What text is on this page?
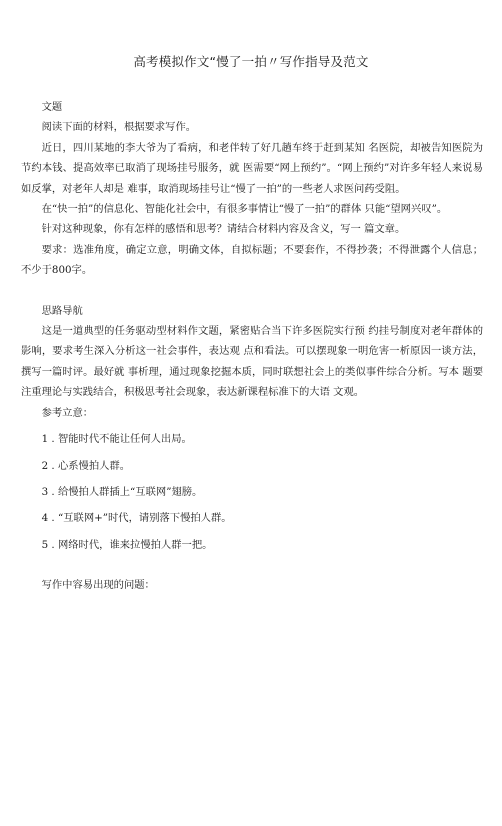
高考模拟作文“慢了一拍〃写作指导及范文

文题

阅读下面的材料，根据要求写作。

近日，四川某地的李大爷为了看病，和老伴转了好几趟车终于赶到某知 名医院，却被告知医院为节约本钱、提高效率已取消了现场挂号服务，就 医需要“网上预约”。“网上预约”对许多年轻人来说易如反掌，对老年人却是 难事，取消现场挂号让“慢了一拍”的一些老人求医问药受阻。

在“快一拍”的信息化、智能化社会中，有很多事情让“慢了一拍”的群体 只能“望网兴叹”。

针对这种现象，你有怎样的感悟和思考？请结合材料内容及含义，写一 篇文章。

要求：选准角度，确定立意，明确文体，自拟标题；不要套作，不得抄袭；不得泄露个人信息；不少于800字。

思路导航

这是一道典型的任务驱动型材料作文题，紧密贴合当下许多医院实行预 约挂号制度对老年群体的影响，要求考生深入分析这一社会事件，表达观 点和看法。可以摆现象一明危害一析原因一谈方法，撰写一篇时评。最好就 事析理，通过现象挖掘本质，同时联想社会上的类似事件综合分析。写本 题要注重理论与实践结合，积极思考社会现象，表达新课程标准下的大语 文观。

参考立意：

1 . 智能时代不能让任何人出局。

2 . 心系慢拍人群。

3 . 给慢拍人群插上“互联网”翅膀。

4 . “互联网+”时代，请别落下慢拍人群。

5 . 网络时代，谁来拉慢拍人群一把。

写作中容易出现的问题：
